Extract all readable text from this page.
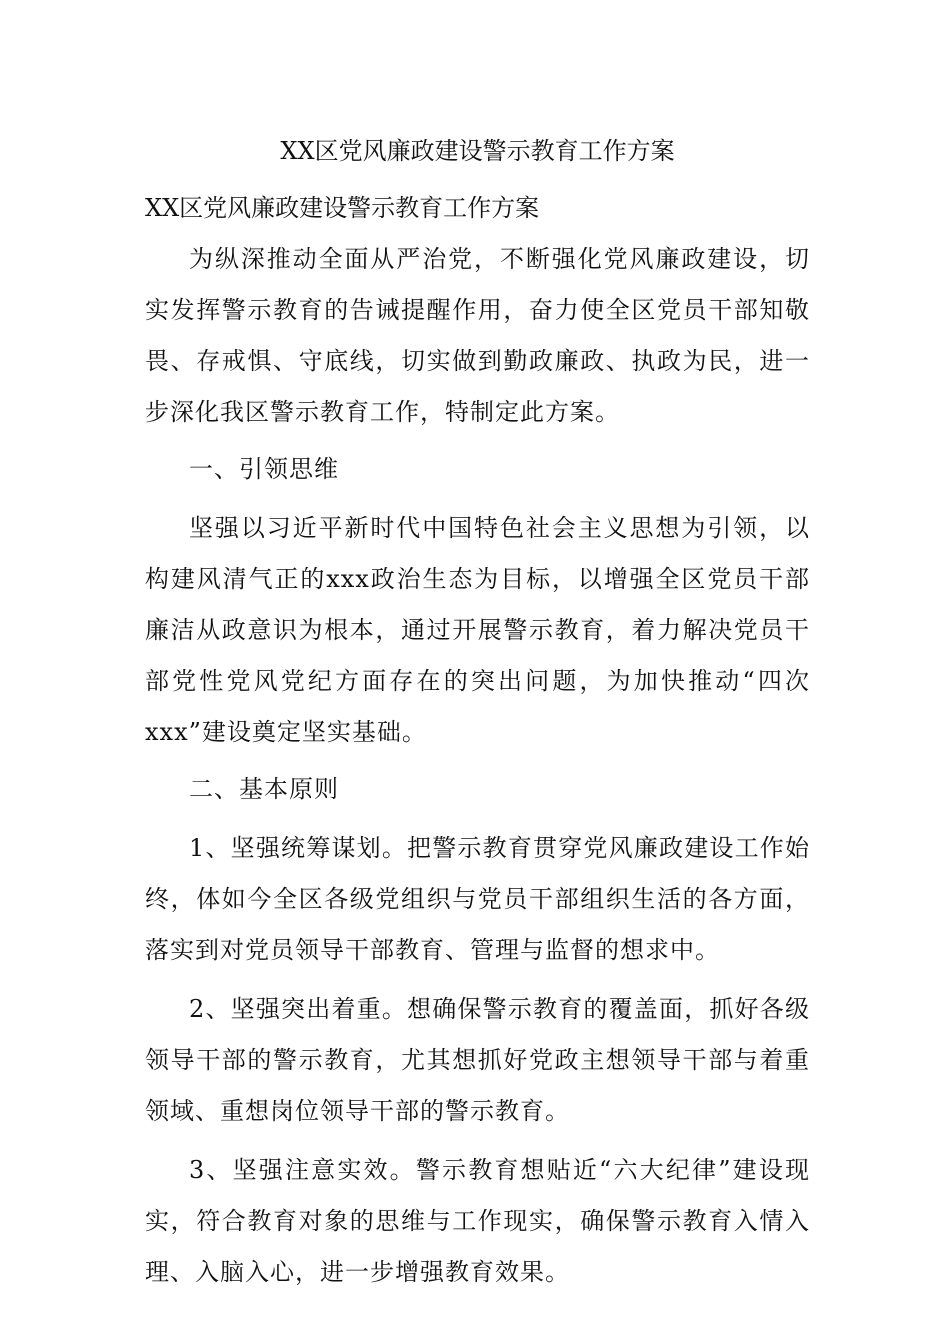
XX区党风廉政建设警示教育工作方案

XX区党风廉政建设警示教育工作方案

为纵深推动全面从严治党，不断强化党风廉政建设，切实发挥警示教育的告诫提醒作用，奋力使全区党员干部知敬畏、存戒惧、守底线，切实做到勤政廉政、执政为民，进一步深化我区警示教育工作，特制定此方案。

一、引领思维

坚强以习近平新时代中国特色社会主义思想为引领，以构建风清气正的xxx政治生态为目标，以增强全区党员干部廉洁从政意识为根本，通过开展警示教育，着力解决党员干部党性党风党纪方面存在的突出问题，为加快推动“四次xxx”建设奠定坚实基础。

二、基本原则

1、坚强统筹谋划。把警示教育贯穿党风廉政建设工作始终，体如今全区各级党组织与党员干部组织生活的各方面，落实到对党员领导干部教育、管理与监督的想求中。

2、坚强突出着重。想确保警示教育的覆盖面，抓好各级领导干部的警示教育，尤其想抓好党政主想领导干部与着重领域、重想岗位领导干部的警示教育。

3、坚强注意实效。警示教育想贴近“六大纪律”建设现实，符合教育对象的思维与工作现实，确保警示教育入情入理、入脑入心，进一步增强教育效果。
